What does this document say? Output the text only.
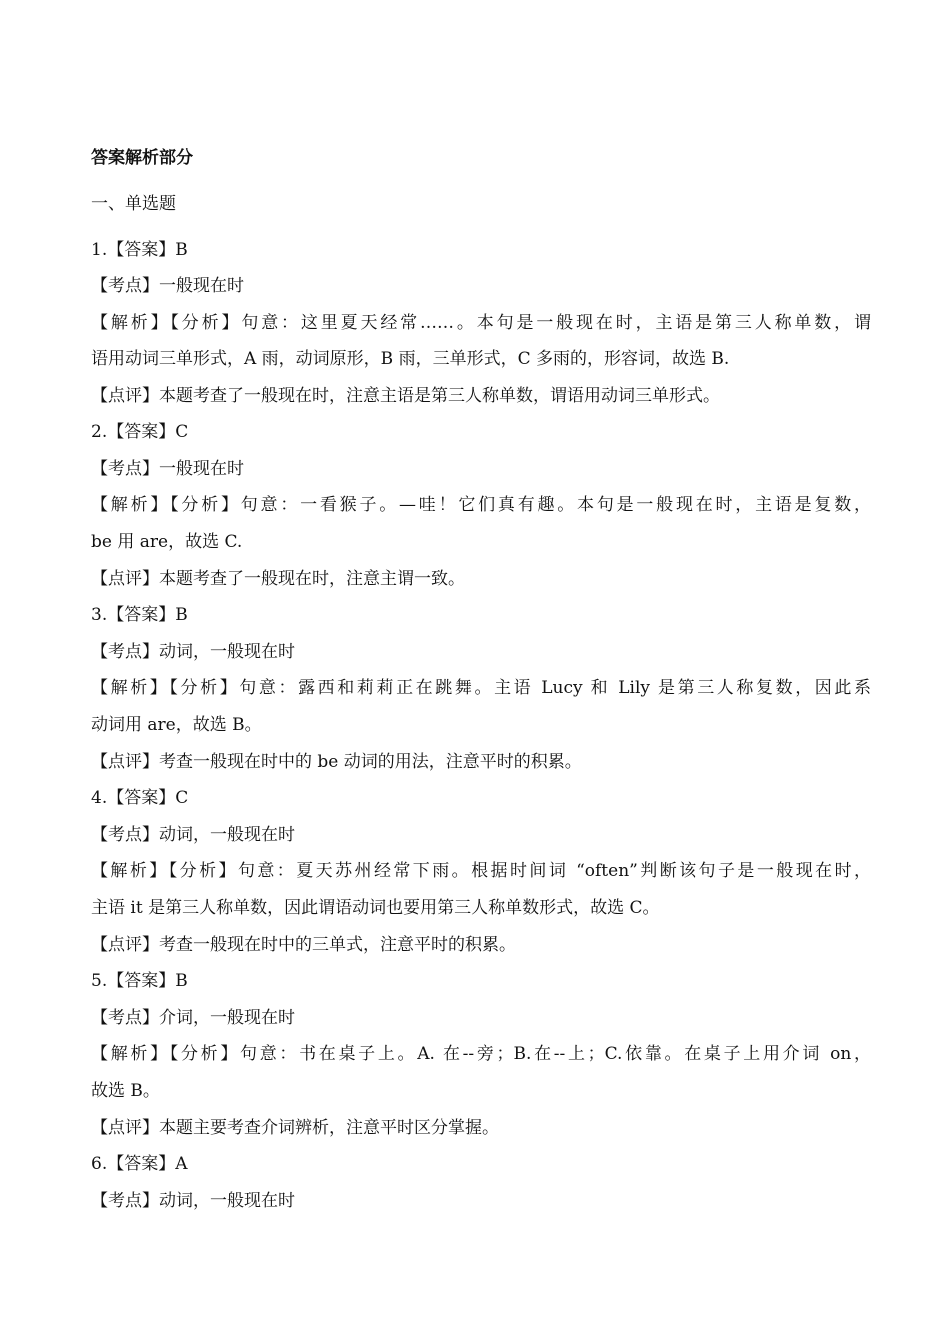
答案解析部分
一、单选题
1.【答案】B
【考点】一般现在时
【解析】【分析】句意：这里夏天经常……。本句是一般现在时，主语是第三人称单数，谓
语用动词三单形式，A 雨，动词原形，B 雨，三单形式，C 多雨的，形容词，故选 B.
【点评】本题考查了一般现在时，注意主语是第三人称单数，谓语用动词三单形式。
2.【答案】C
【考点】一般现在时
【解析】【分析】句意：一看猴子。—哇！它们真有趣。本句是一般现在时，主语是复数，
be 用 are，故选 C.
【点评】本题考查了一般现在时，注意主谓一致。
3.【答案】B
【考点】动词，一般现在时
【解析】【分析】句意：露西和莉莉正在跳舞。主语 Lucy 和 Lily 是第三人称复数，因此系
动词用 are，故选 B。
【点评】考查一般现在时中的 be 动词的用法，注意平时的积累。
4.【答案】C
【考点】动词，一般现在时
【解析】【分析】句意：夏天苏州经常下雨。根据时间词 “often”判断该句子是一般现在时，
主语 it 是第三人称单数，因此谓语动词也要用第三人称单数形式，故选 C。
【点评】考查一般现在时中的三单式，注意平时的积累。
5.【答案】B
【考点】介词，一般现在时
【解析】【分析】句意：书在桌子上。A. 在--旁；B.在--上；C.依靠。在桌子上用介词 on，
故选 B。
【点评】本题主要考查介词辨析，注意平时区分掌握。
6.【答案】A
【考点】动词，一般现在时
